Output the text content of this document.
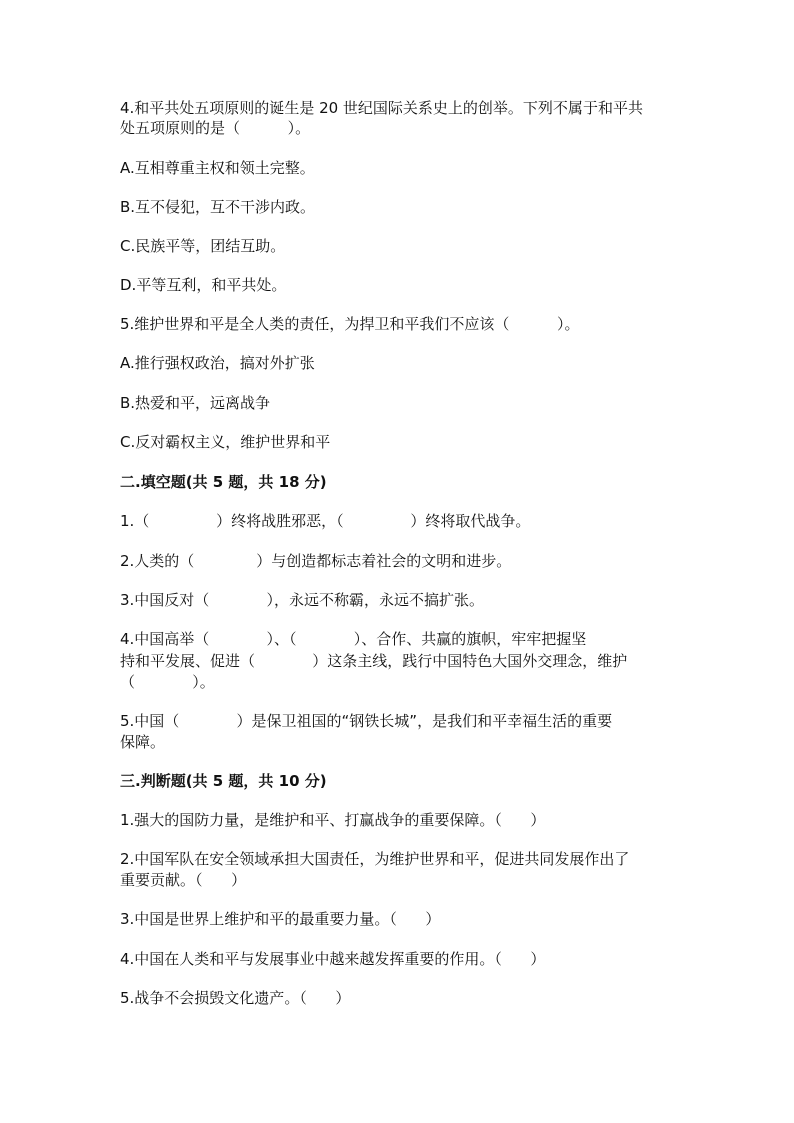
4.和平共处五项原则的诞生是 20 世纪国际关系史上的创举。下列不属于和平共

处五项原则的是（          ）。

A.互相尊重主权和领土完整。

B.互不侵犯，互不干涉内政。

C.民族平等，团结互助。

D.平等互利，和平共处。

5.维护世界和平是全人类的责任，为捍卫和平我们不应该（          ）。

A.推行强权政治，搞对外扩张

B.热爱和平，远离战争

C.反对霸权主义，维护世界和平

二.填空题(共 5 题，共 18 分)

1.（              ）终将战胜邪恶，（              ）终将取代战争。

2.人类的（             ）与创造都标志着社会的文明和进步。

3.中国反对（            ），永远不称霸，永远不搞扩张。

4.中国高举（            ）、（            ）、合作、共赢的旗帜，牢牢把握坚

持和平发展、促进（            ）这条主线，践行中国特色大国外交理念，维护

（            ）。

5.中国（            ）是保卫祖国的“钢铁长城”，是我们和平幸福生活的重要

保障。

三.判断题(共 5 题，共 10 分)

1.强大的国防力量，是维护和平、打赢战争的重要保障。（      ）

2.中国军队在安全领域承担大国责任，为维护世界和平，促进共同发展作出了

重要贡献。（      ）

3.中国是世界上维护和平的最重要力量。（      ）

4.中国在人类和平与发展事业中越来越发挥重要的作用。（      ）

5.战争不会损毁文化遗产。（      ）
